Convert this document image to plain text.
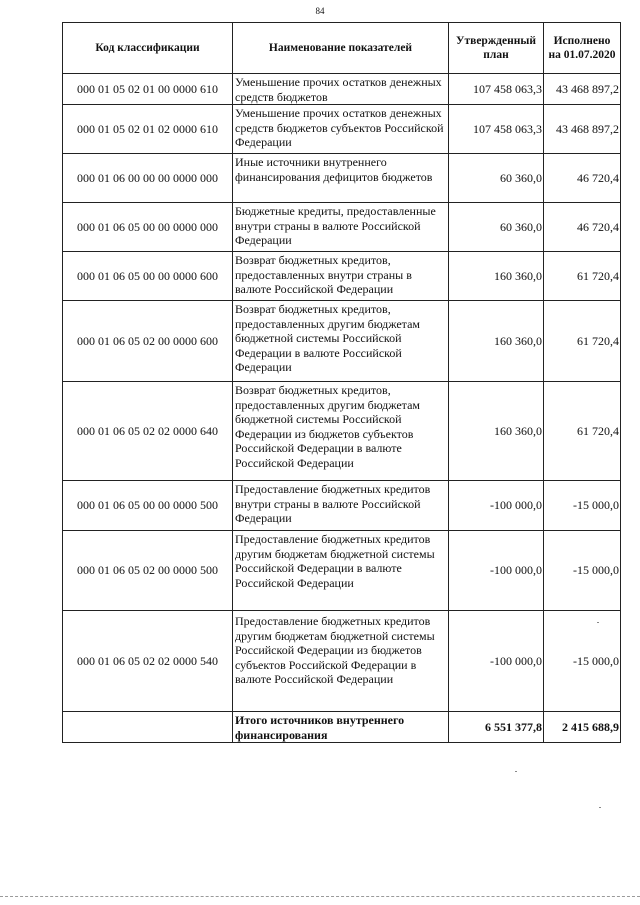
84
Код классификации	Наименование показателей	Утвержденный план	Исполнено на 01.07.2020
000 01 05 02 01 00 0000 610	Уменьшение прочих остатков денежных средств бюджетов	107 458 063,3	43 468 897,2
000 01 05 02 01 02 0000 610	Уменьшение прочих остатков денежных средств бюджетов субъектов Российской Федерации	107 458 063,3	43 468 897,2
000 01 06 00 00 00 0000 000	Иные источники внутреннего финансирования дефицитов бюджетов	60 360,0	46 720,4
000 01 06 05 00 00 0000 000	Бюджетные кредиты, предоставленные внутри страны в валюте Российской Федерации	60 360,0	46 720,4
000 01 06 05 00 00 0000 600	Возврат бюджетных кредитов, предоставленных внутри страны в валюте Российской Федерации	160 360,0	61 720,4
000 01 06 05 02 00 0000 600	Возврат бюджетных кредитов, предоставленных другим бюджетам бюджетной системы Российской Федерации в валюте Российской Федерации	160 360,0	61 720,4
000 01 06 05 02 02 0000 640	Возврат бюджетных кредитов, предоставленных другим бюджетам бюджетной системы Российской Федерации из бюджетов субъектов Российской Федерации в валюте Российской Федерации	160 360,0	61 720,4
000 01 06 05 00 00 0000 500	Предоставление бюджетных кредитов внутри страны в валюте Российской Федерации	-100 000,0	-15 000,0
000 01 06 05 02 00 0000 500	Предоставление бюджетных кредитов другим бюджетам бюджетной системы Российской Федерации в валюте Российской Федерации	-100 000,0	-15 000,0
000 01 06 05 02 02 0000 540	Предоставление бюджетных кредитов другим бюджетам бюджетной системы Российской Федерации из бюджетов субъектов Российской Федерации в валюте Российской Федерации	-100 000,0	-15 000,0
	Итого источников внутреннего финансирования	6 551 377,8	2 415 688,9
